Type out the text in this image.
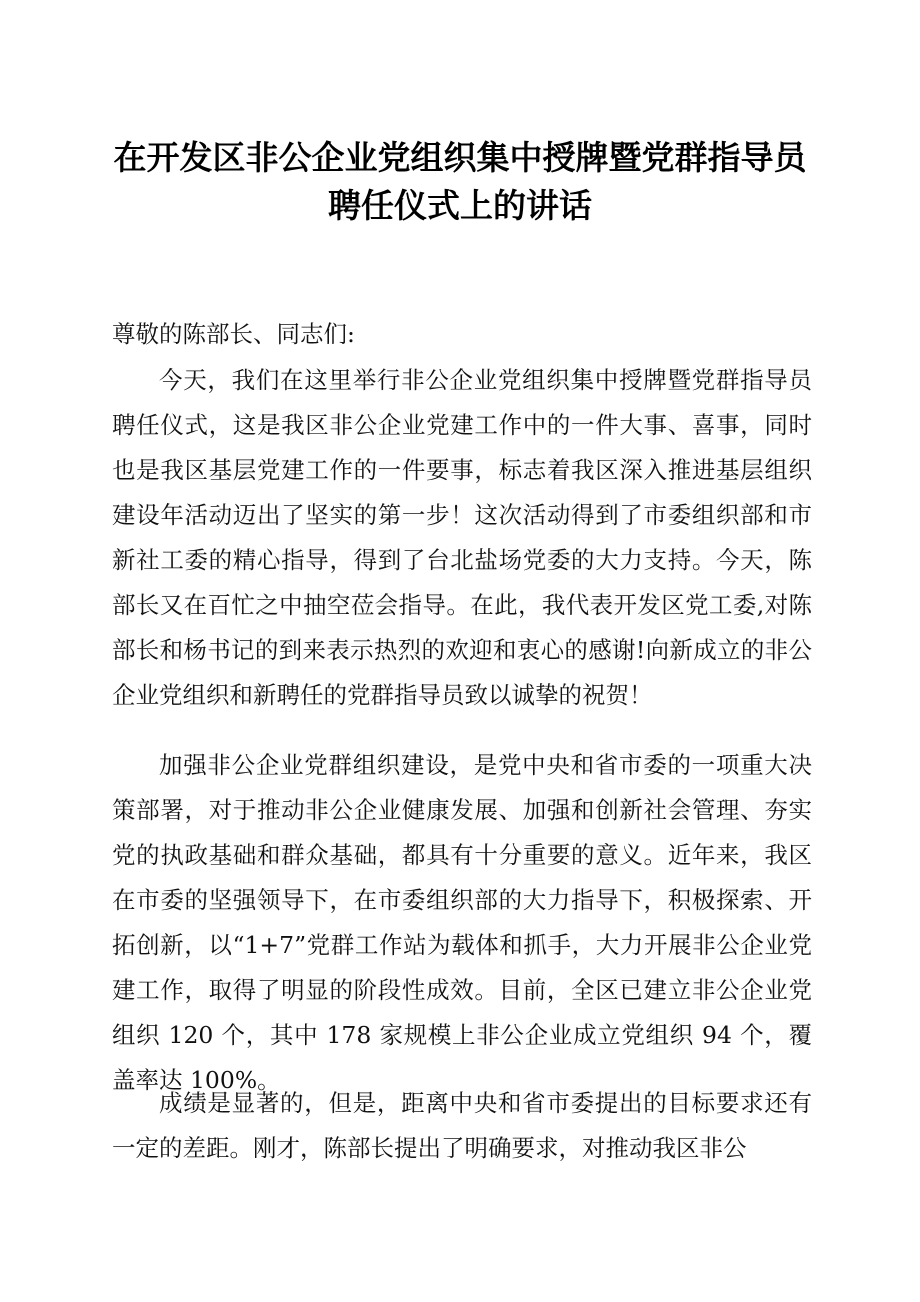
在开发区非公企业党组织集中授牌暨党群指导员
聘任仪式上的讲话

尊敬的陈部长、同志们:

今天，我们在这里举行非公企业党组织集中授牌暨党群指导员聘任仪式，这是我区非公企业党建工作中的一件大事、喜事，同时也是我区基层党建工作的一件要事，标志着我区深入推进基层组织建设年活动迈出了坚实的第一步！这次活动得到了市委组织部和市新社工委的精心指导，得到了台北盐场党委的大力支持。今天，陈部长又在百忙之中抽空莅会指导。在此，我代表开发区党工委,对陈部长和杨书记的到来表示热烈的欢迎和衷心的感谢!向新成立的非公企业党组织和新聘任的党群指导员致以诚挚的祝贺！

加强非公企业党群组织建设，是党中央和省市委的一项重大决策部署，对于推动非公企业健康发展、加强和创新社会管理、夯实党的执政基础和群众基础，都具有十分重要的意义。近年来，我区在市委的坚强领导下，在市委组织部的大力指导下，积极探索、开拓创新，以“1+7”党群工作站为载体和抓手，大力开展非公企业党建工作，取得了明显的阶段性成效。目前，全区已建立非公企业党组织 120 个，其中 178 家规模上非公企业成立党组织 94 个，覆盖率达 100%。

成绩是显著的，但是，距离中央和省市委提出的目标要求还有一定的差距。刚才，陈部长提出了明确要求，对推动我区非公
